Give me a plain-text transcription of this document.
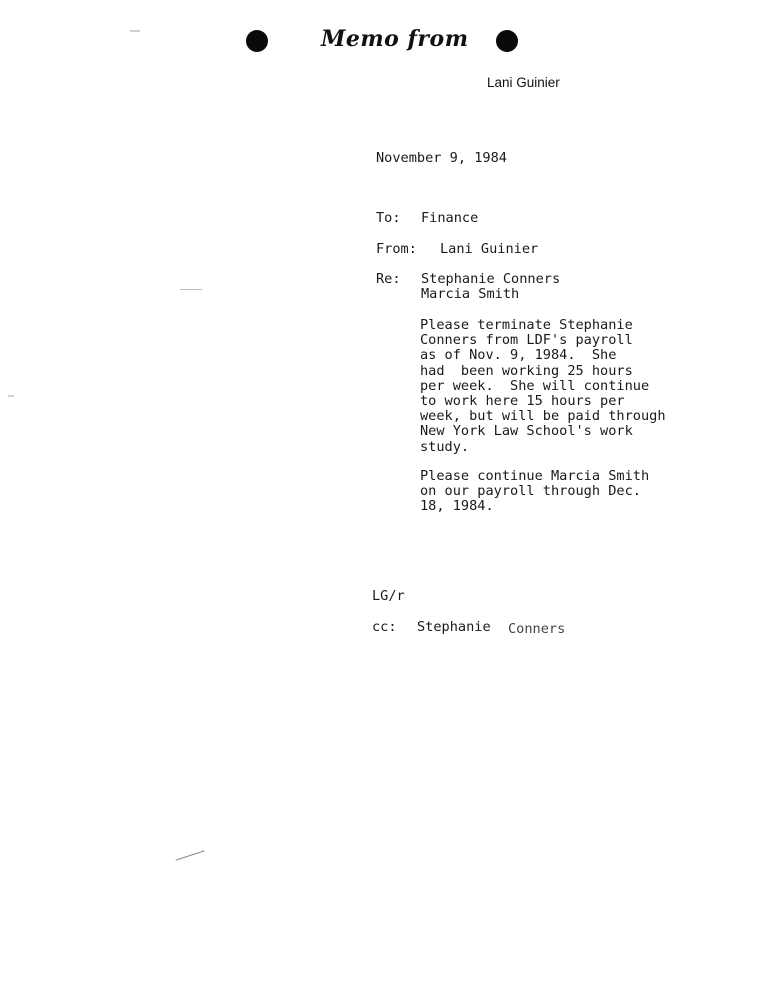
Memo from
Lani Guinier
November 9, 1984
To: Finance
From: Lani Guinier
Re: Stephanie Conners
Marcia Smith
Please terminate Stephanie
Conners from LDF's payroll
as of Nov. 9, 1984.  She
had  been working 25 hours
per week.  She will continue
to work here 15 hours per
week, but will be paid through
New York Law School's work
study.
Please continue Marcia Smith
on our payroll through Dec.
18, 1984.
LG/r
cc: Stephanie Conners
